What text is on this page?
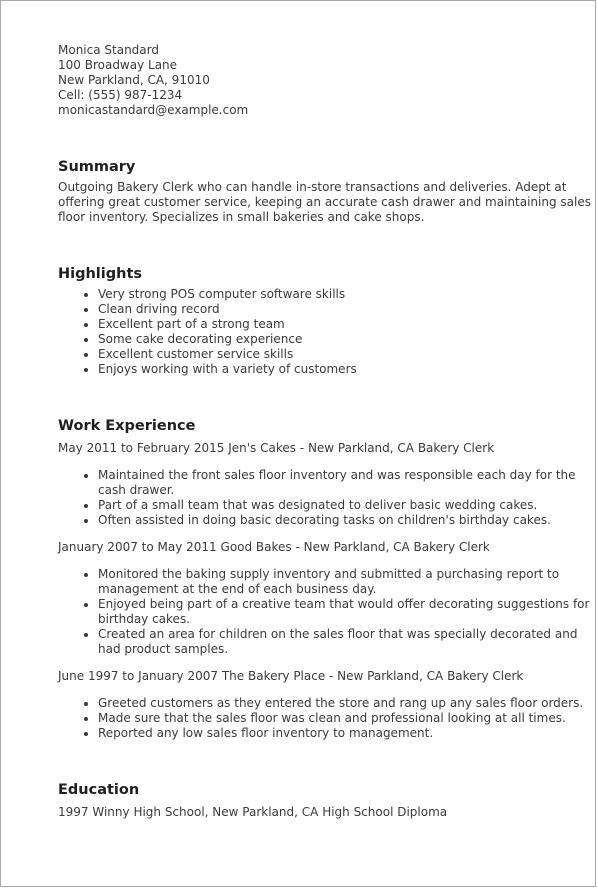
Monica Standard
100 Broadway Lane
New Parkland, CA, 91010
Cell: (555) 987-1234
monicastandard@example.com
Summary
Outgoing Bakery Clerk who can handle in-store transactions and deliveries. Adept at offering great customer service, keeping an accurate cash drawer and maintaining sales floor inventory. Specializes in small bakeries and cake shops.
Highlights
• Very strong POS computer software skills
• Clean driving record
• Excellent part of a strong team
• Some cake decorating experience
• Excellent customer service skills
• Enjoys working with a variety of customers
Work Experience
May 2011 to February 2015 Jen's Cakes - New Parkland, CA Bakery Clerk
• Maintained the front sales floor inventory and was responsible each day for the cash drawer.
• Part of a small team that was designated to deliver basic wedding cakes.
• Often assisted in doing basic decorating tasks on children's birthday cakes.
January 2007 to May 2011 Good Bakes - New Parkland, CA Bakery Clerk
• Monitored the baking supply inventory and submitted a purchasing report to management at the end of each business day.
• Enjoyed being part of a creative team that would offer decorating suggestions for birthday cakes.
• Created an area for children on the sales floor that was specially decorated and had product samples.
June 1997 to January 2007 The Bakery Place - New Parkland, CA Bakery Clerk
• Greeted customers as they entered the store and rang up any sales floor orders.
• Made sure that the sales floor was clean and professional looking at all times.
• Reported any low sales floor inventory to management.
Education
1997 Winny High School, New Parkland, CA High School Diploma
